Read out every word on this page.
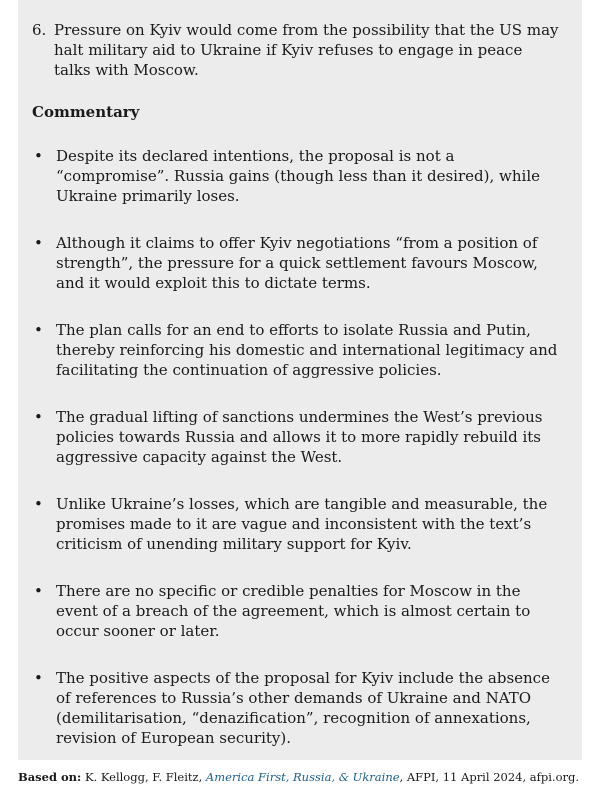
6. Pressure on Kyiv would come from the possibility that the US may halt military aid to Ukraine if Kyiv refuses to engage in peace talks with Moscow.
Commentary
• Despite its declared intentions, the proposal is not a “compromise”. Russia gains (though less than it desired), while Ukraine primarily loses.
• Although it claims to offer Kyiv negotiations “from a position of strength”, the pressure for a quick settlement favours Moscow, and it would exploit this to dictate terms.
• The plan calls for an end to efforts to isolate Russia and Putin, thereby reinforcing his domestic and international legitimacy and facilitating the continuation of aggressive policies.
• The gradual lifting of sanctions undermines the West’s previous policies towards Russia and allows it to more rapidly rebuild its aggressive capacity against the West.
• Unlike Ukraine’s losses, which are tangible and measurable, the promises made to it are vague and inconsistent with the text’s criticism of unending military support for Kyiv.
• There are no specific or credible penalties for Moscow in the event of a breach of the agreement, which is almost certain to occur sooner or later.
• The positive aspects of the proposal for Kyiv include the absence of references to Russia’s other demands of Ukraine and NATO (demilitarisation, “denazification”, recognition of annexations, revision of European security).
Based on: K. Kellogg, F. Fleitz, America First, Russia, & Ukraine, AFPI, 11 April 2024, afpi.org.
